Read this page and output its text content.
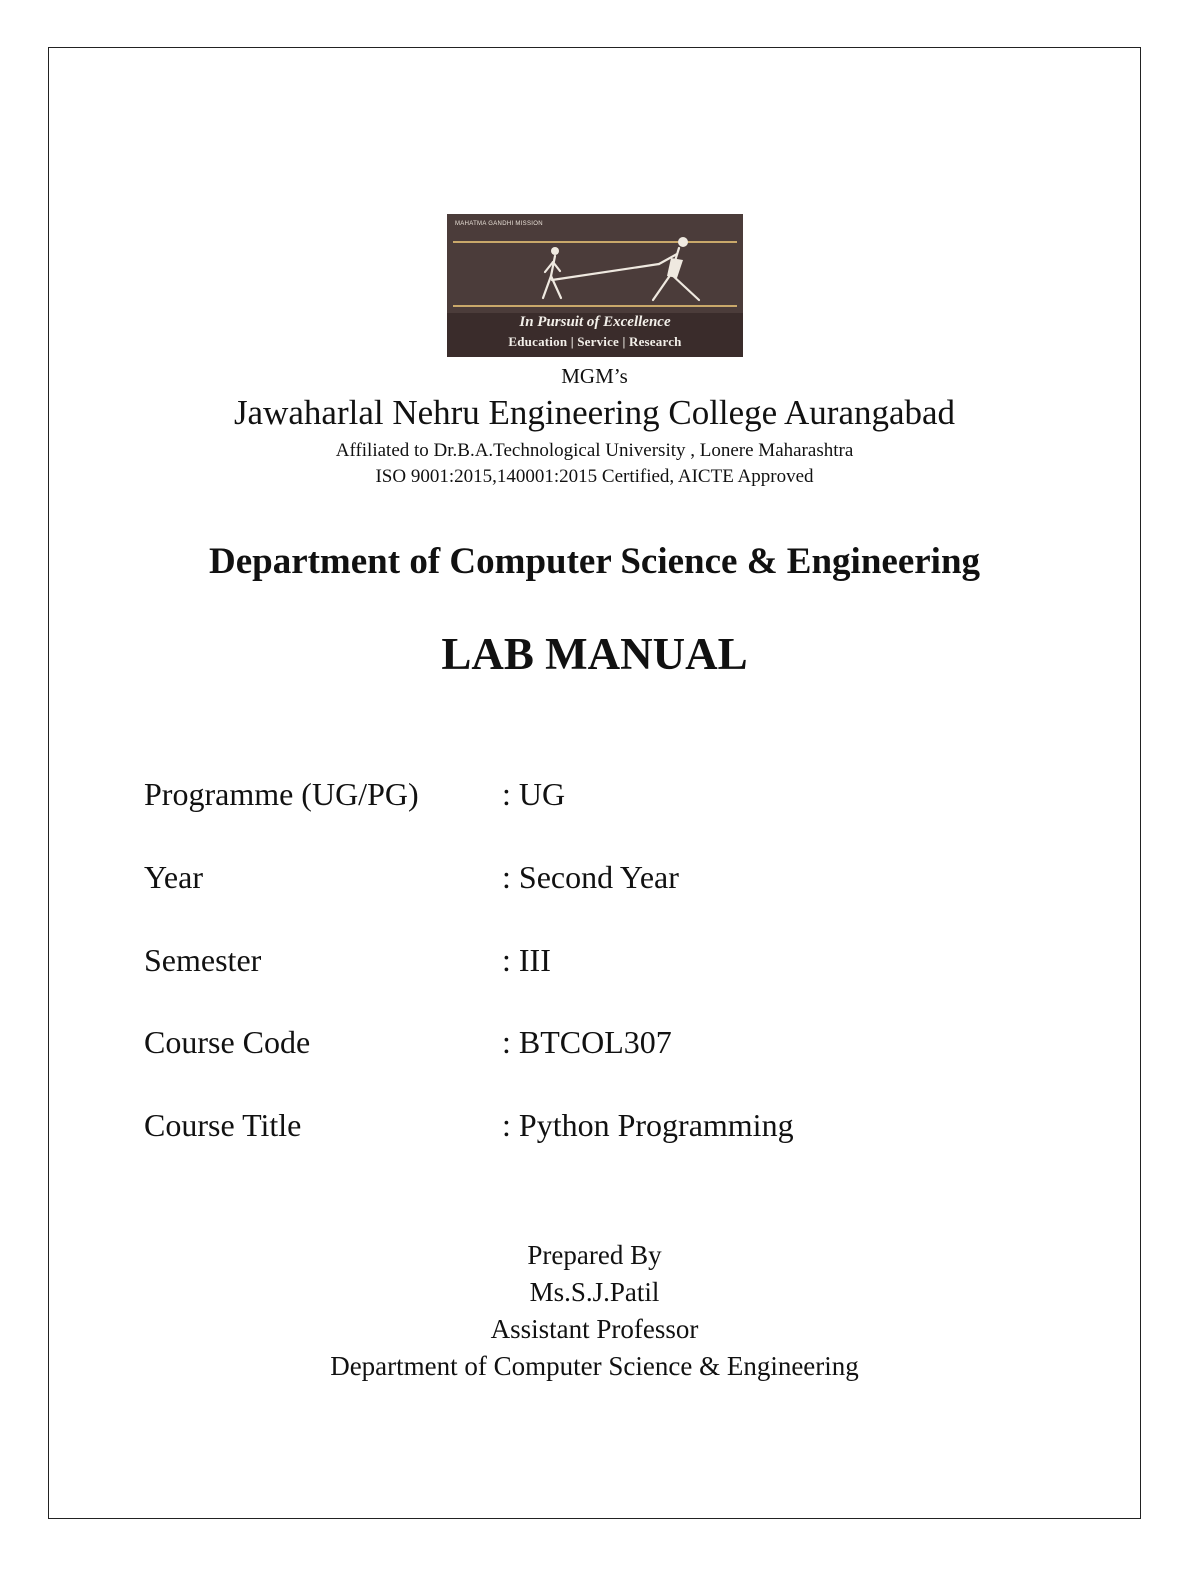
MAHATMA GANDHI MISSION
In Pursuit of Excellence
Education | Service | Research
MGM’s
Jawaharlal Nehru Engineering College Aurangabad
Affiliated to Dr.B.A.Technological University , Lonere Maharashtra
ISO 9001:2015,140001:2015 Certified, AICTE Approved
Department of Computer Science & Engineering
LAB MANUAL
Programme (UG/PG)	: UG
Year	: Second Year
Semester	: III
Course Code	: BTCOL307
Course Title	: Python Programming
Prepared By
Ms.S.J.Patil
Assistant Professor
Department of Computer Science & Engineering
